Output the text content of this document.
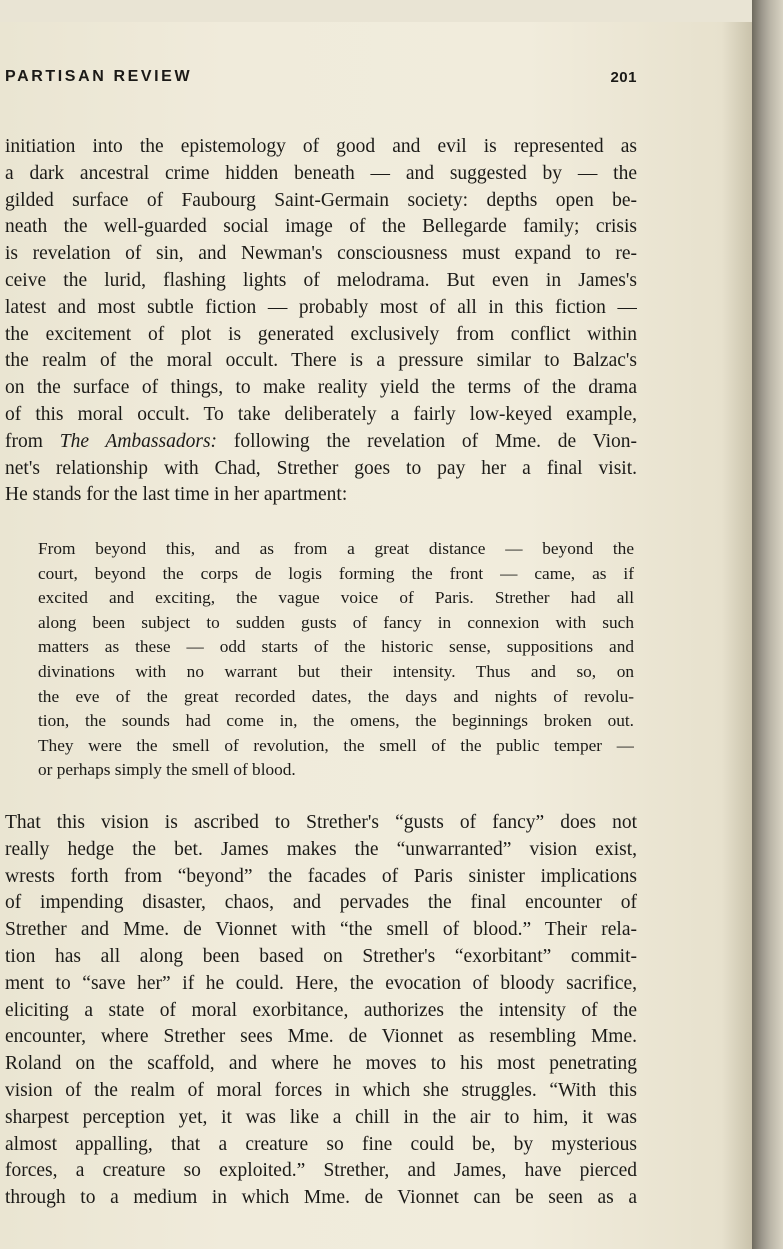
PARTISAN REVIEW	201
initiation into the epistemology of good and evil is represented as
a dark ancestral crime hidden beneath — and suggested by — the
gilded surface of Faubourg Saint-Germain society: depths open be-
neath the well-guarded social image of the Bellegarde family; crisis
is revelation of sin, and Newman's consciousness must expand to re-
ceive the lurid, flashing lights of melodrama. But even in James's
latest and most subtle fiction — probably most of all in this fiction —
the excitement of plot is generated exclusively from conflict within
the realm of the moral occult. There is a pressure similar to Balzac's
on the surface of things, to make reality yield the terms of the drama
of this moral occult. To take deliberately a fairly low-keyed example,
from The Ambassadors: following the revelation of Mme. de Vion-
net's relationship with Chad, Strether goes to pay her a final visit.
He stands for the last time in her apartment:
From beyond this, and as from a great distance — beyond the
court, beyond the corps de logis forming the front — came, as if
excited and exciting, the vague voice of Paris. Strether had all
along been subject to sudden gusts of fancy in connexion with such
matters as these — odd starts of the historic sense, suppositions and
divinations with no warrant but their intensity. Thus and so, on
the eve of the great recorded dates, the days and nights of revolu-
tion, the sounds had come in, the omens, the beginnings broken out.
They were the smell of revolution, the smell of the public temper —
or perhaps simply the smell of blood.
That this vision is ascribed to Strether's “gusts of fancy” does not
really hedge the bet. James makes the “unwarranted” vision exist,
wrests forth from “beyond” the facades of Paris sinister implications
of impending disaster, chaos, and pervades the final encounter of
Strether and Mme. de Vionnet with “the smell of blood.” Their rela-
tion has all along been based on Strether's “exorbitant” commit-
ment to “save her” if he could. Here, the evocation of bloody sacrifice,
eliciting a state of moral exorbitance, authorizes the intensity of the
encounter, where Strether sees Mme. de Vionnet as resembling Mme.
Roland on the scaffold, and where he moves to his most penetrating
vision of the realm of moral forces in which she struggles. “With this
sharpest perception yet, it was like a chill in the air to him, it was
almost appalling, that a creature so fine could be, by mysterious
forces, a creature so exploited.” Strether, and James, have pierced
through to a medium in which Mme. de Vionnet can be seen as a
